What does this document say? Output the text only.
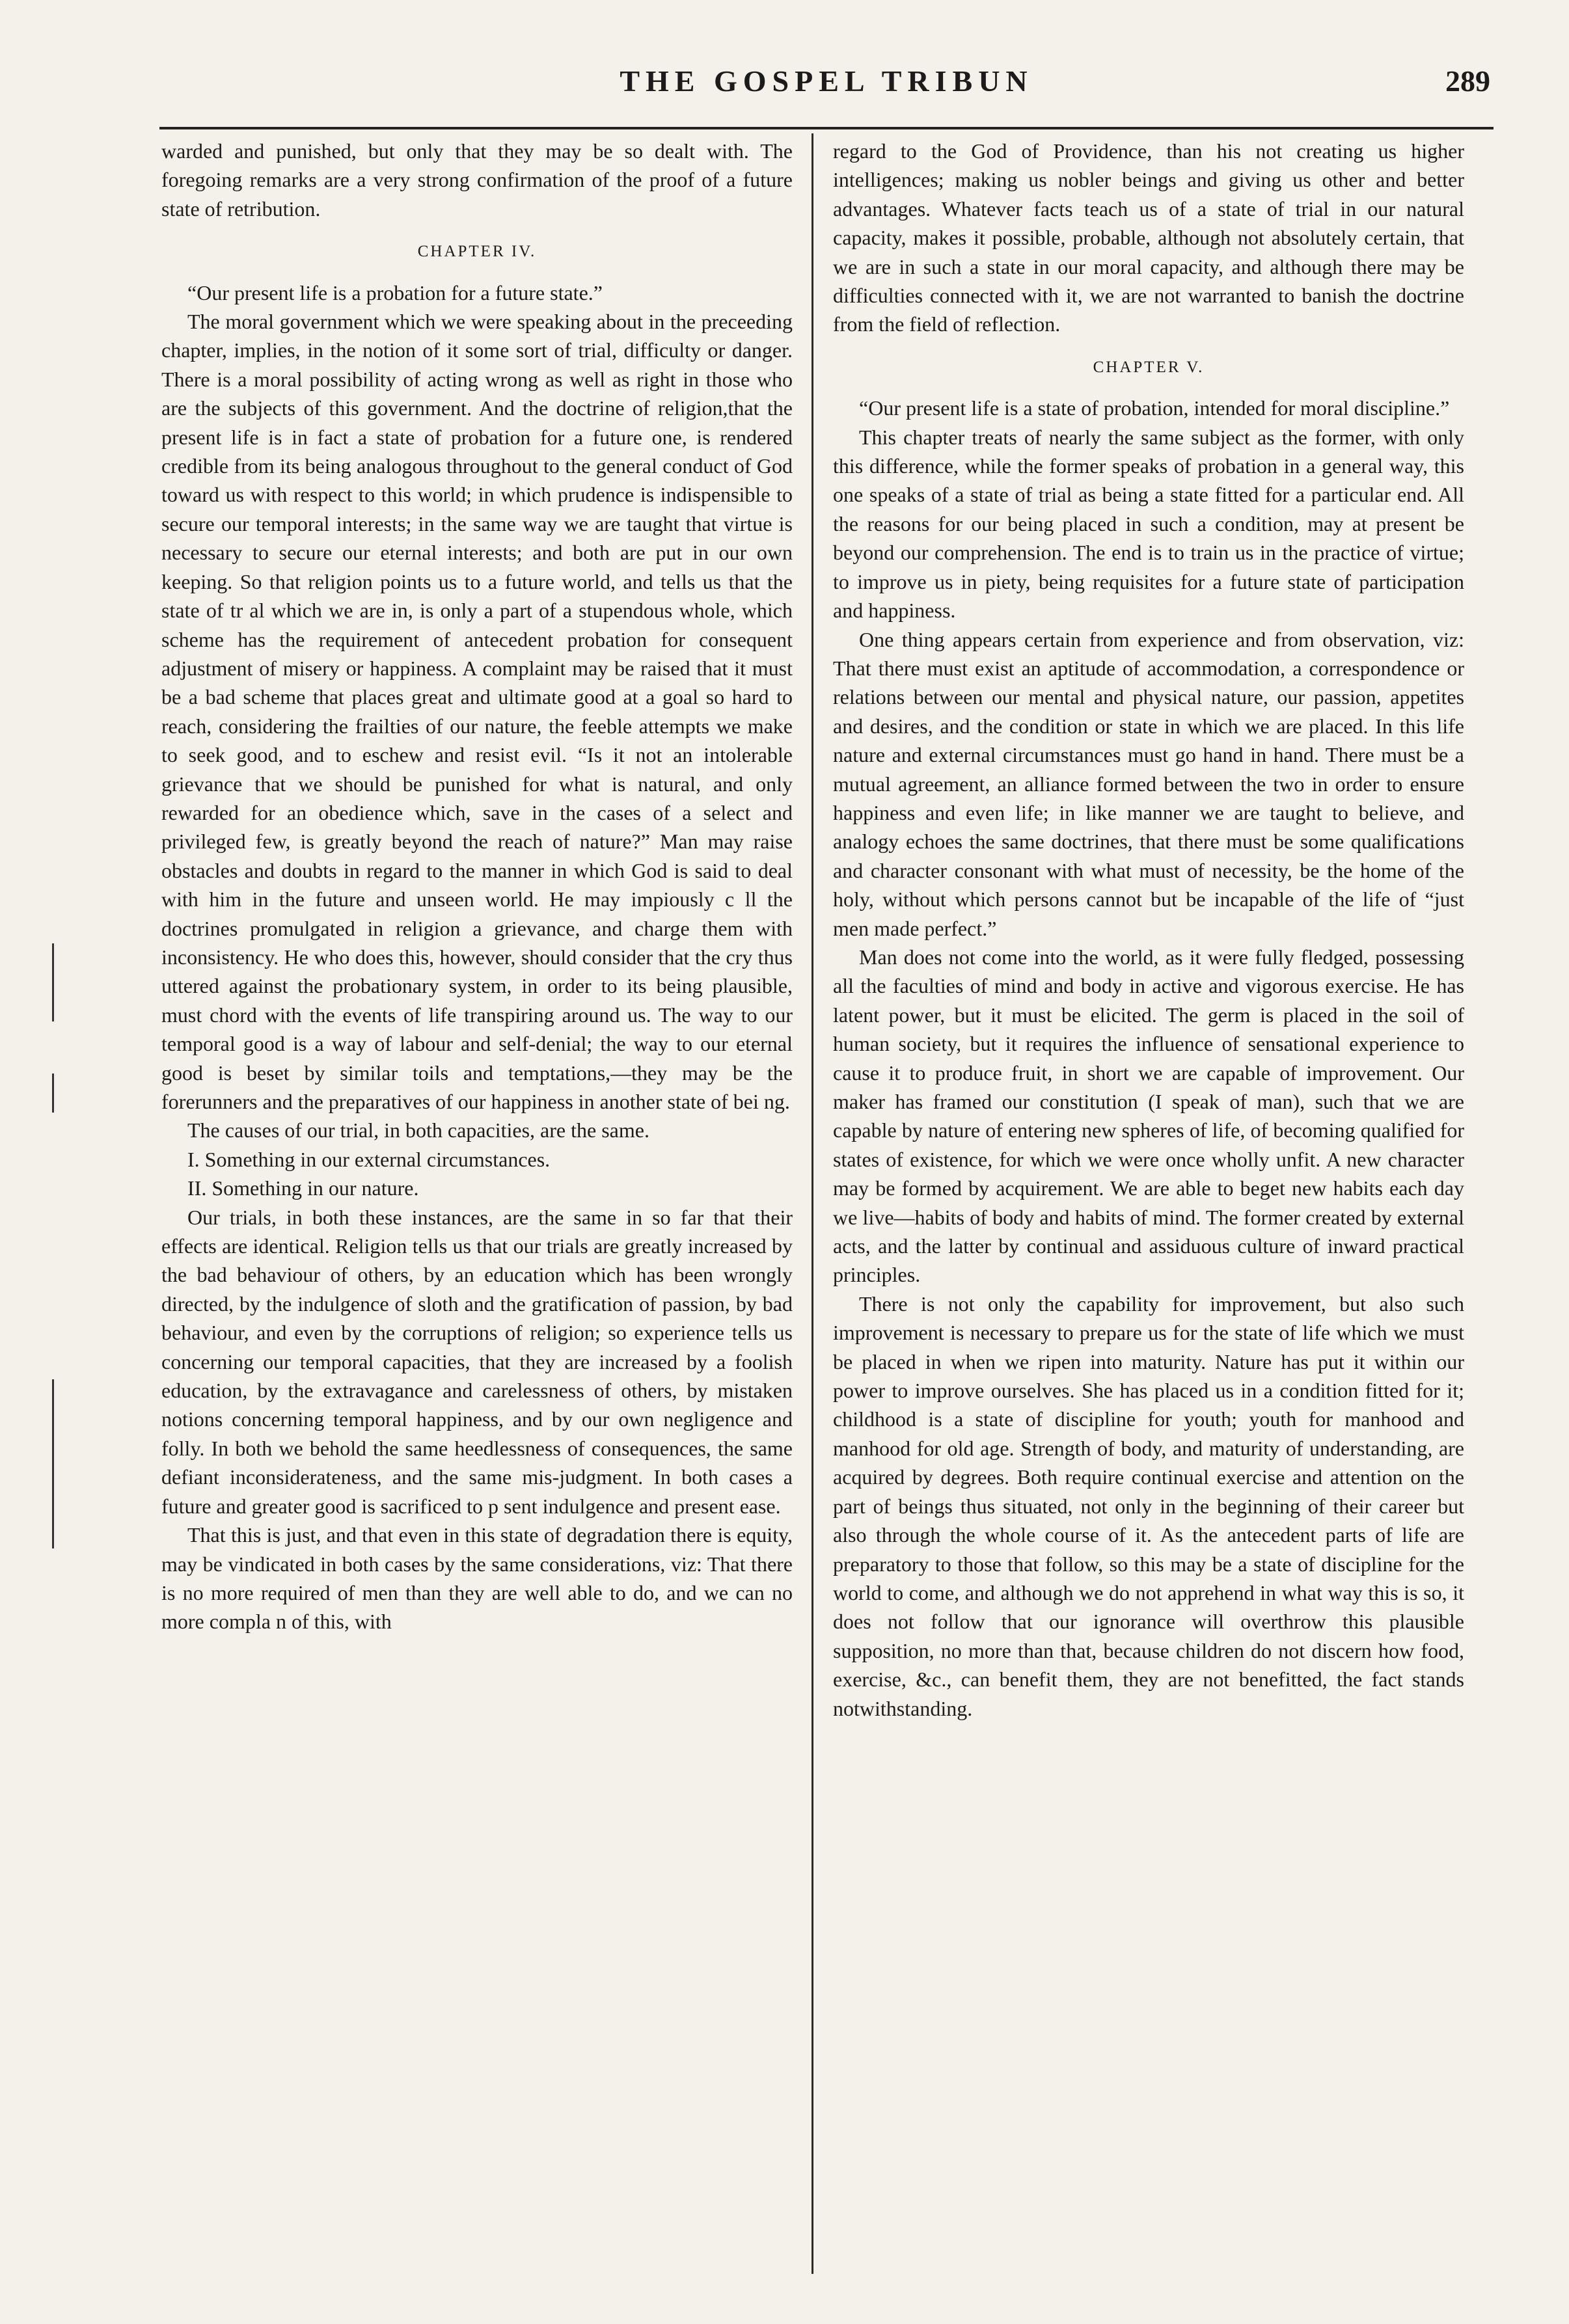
THE GOSPEL TRIBUN	289

warded and punished, but only that they may be so dealt with. The foregoing remarks are a very strong confirmation of the proof of a future state of retribution.

CHAPTER IV.

“Our present life is a probation for a future state.”

The moral government which we were speaking about in the preceeding chapter, implies, in the notion of it some sort of trial, difficulty or danger. There is a moral possibility of acting wrong as well as right in those who are the subjects of this government. And the doctrine of religion,that the present life is in fact a state of probation for a future one, is rendered credible from its being analogous throughout to the general conduct of God toward us with respect to this world; in which prudence is indispensible to secure our temporal interests; in the same way we are taught that virtue is necessary to secure our eternal interests; and both are put in our own keeping. So that religion points us to a future world, and tells us that the state of tr al which we are in, is only a part of a stupendous whole, which scheme has the requirement of antecedent probation for consequent adjustment of misery or happiness. A complaint may be raised that it must be a bad scheme that places great and ultimate good at a goal so hard to reach, considering the frailties of our nature, the feeble attempts we make to seek good, and to eschew and resist evil. “Is it not an intolerable grievance that we should be punished for what is natural, and only rewarded for an obedience which, save in the cases of a select and privileged few, is greatly beyond the reach of nature?” Man may raise obstacles and doubts in regard to the manner in which God is said to deal with him in the future and unseen world. He may impiously c ll the doctrines promulgated in religion a grievance, and charge them with inconsistency. He who does this, however, should consider that the cry thus uttered against the probationary system, in order to its being plausible, must chord with the events of life transpiring around us. The way to our temporal good is a way of labour and self-denial; the way to our eternal good is beset by similar toils and temptations,—they may be the forerunners and the preparatives of our happiness in another state of bei ng.

The causes of our trial, in both capacities, are the same.

I. Something in our external circumstances.

II. Something in our nature.

Our trials, in both these instances, are the same in so far that their effects are identical. Religion tells us that our trials are greatly increased by the bad behaviour of others, by an education which has been wrongly directed, by the indulgence of sloth and the gratification of passion, by bad behaviour, and even by the corruptions of religion; so experience tells us concerning our temporal capacities, that they are increased by a foolish education, by the extravagance and carelessness of others, by mistaken notions concerning temporal happiness, and by our own negligence and folly. In both we behold the same heedlessness of consequences, the same defiant inconsiderateness, and the same mis-judgment. In both cases a future and greater good is sacrificed to p sent indulgence and present ease.

That this is just, and that even in this state of degradation there is equity, may be vindicated in both cases by the same considerations, viz: That there is no more required of men than they are well able to do, and we can no more compla n of this, with

regard to the God of Providence, than his not creating us higher intelligences; making us nobler beings and giving us other and better advantages. Whatever facts teach us of a state of trial in our natural capacity, makes it possible, probable, although not absolutely certain, that we are in such a state in our moral capacity, and although there may be difficulties connected with it, we are not warranted to banish the doctrine from the field of reflection.

CHAPTER V.

“Our present life is a state of probation, intended for moral discipline.”

This chapter treats of nearly the same subject as the former, with only this difference, while the former speaks of probation in a general way, this one speaks of a state of trial as being a state fitted for a particular end. All the reasons for our being placed in such a condition, may at present be beyond our comprehension. The end is to train us in the practice of virtue; to improve us in piety, being requisites for a future state of participation and happiness.

One thing appears certain from experience and from observation, viz: That there must exist an aptitude of accommodation, a correspondence or relations between our mental and physical nature, our passion, appetites and desires, and the condition or state in which we are placed. In this life nature and external circumstances must go hand in hand. There must be a mutual agreement, an alliance formed between the two in order to ensure happiness and even life; in like manner we are taught to believe, and analogy echoes the same doctrines, that there must be some qualifications and character consonant with what must of necessity, be the home of the holy, without which persons cannot but be incapable of the life of “just men made perfect.”

Man does not come into the world, as it were fully fledged, possessing all the faculties of mind and body in active and vigorous exercise. He has latent power, but it must be elicited. The germ is placed in the soil of human society, but it requires the influence of sensational experience to cause it to produce fruit, in short we are capable of improvement. Our maker has framed our constitution (I speak of man), such that we are capable by nature of entering new spheres of life, of becoming qualified for states of existence, for which we were once wholly unfit. A new character may be formed by acquirement. We are able to beget new habits each day we live—habits of body and habits of mind. The former created by external acts, and the latter by continual and assiduous culture of inward practical principles.

There is not only the capability for improvement, but also such improvement is necessary to prepare us for the state of life which we must be placed in when we ripen into maturity. Nature has put it within our power to improve ourselves. She has placed us in a condition fitted for it; childhood is a state of discipline for youth; youth for manhood and manhood for old age. Strength of body, and maturity of understanding, are acquired by degrees. Both require continual exercise and attention on the part of beings thus situated, not only in the beginning of their career but also through the whole course of it. As the antecedent parts of life are preparatory to those that follow, so this may be a state of discipline for the world to come, and although we do not apprehend in what way this is so, it does not follow that our ignorance will overthrow this plausible supposition, no more than that, because children do not discern how food, exercise, &c., can benefit them, they are not benefitted, the fact stands notwithstanding.
